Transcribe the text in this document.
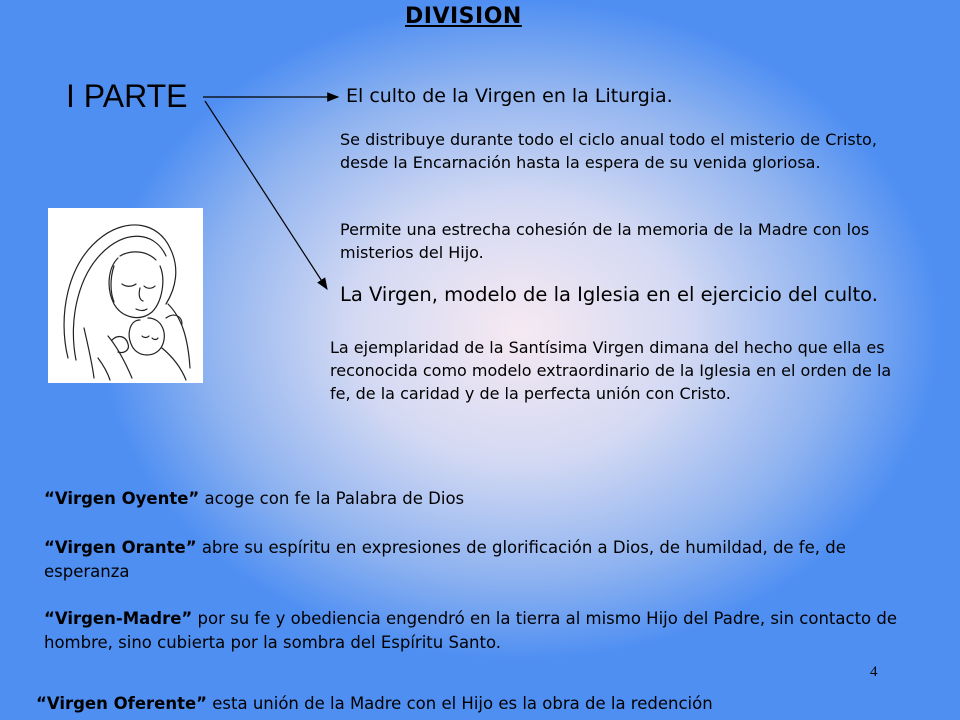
DIVISION
I PARTE	El culto de la Virgen en la Liturgia.
Se distribuye durante todo el ciclo anual todo el misterio de Cristo, desde la Encarnación hasta la espera de su venida gloriosa.
Permite una estrecha cohesión de la memoria de la Madre con los misterios del Hijo.
La Virgen, modelo de la Iglesia en el ejercicio del culto.
La ejemplaridad de la Santísima Virgen dimana del hecho que ella es reconocida como modelo extraordinario de la Iglesia en el orden de la fe, de la caridad y de la perfecta unión con Cristo.
“Virgen Oyente” acoge con fe la Palabra de Dios
“Virgen Orante” abre su espíritu en expresiones de glorificación a Dios, de humildad, de fe, de esperanza
“Virgen-Madre” por su fe y obediencia engendró en la tierra al mismo Hijo del Padre, sin contacto de hombre, sino cubierta por la sombra del Espíritu Santo.
4
“Virgen Oferente” esta unión de la Madre con el Hijo es la obra de la redención
